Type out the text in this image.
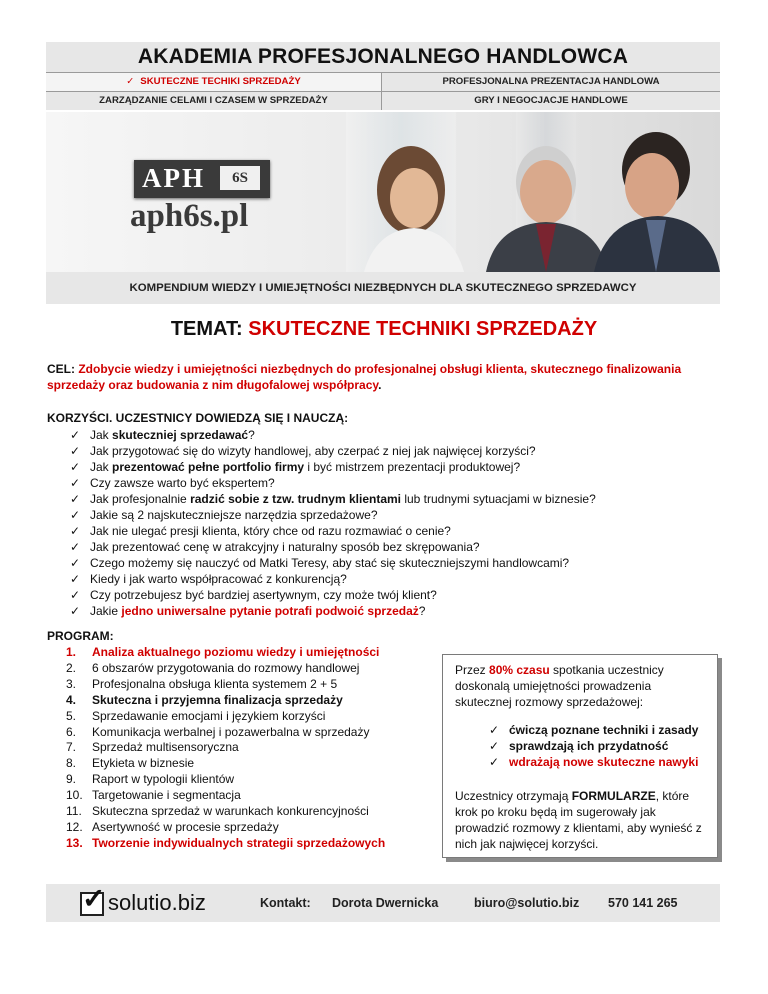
AKADEMIA PROFESJONALNEGO HANDLOWCA
✓ SKUTECZNE TECHIKI SPRZEDAŻY	PROFESJONALNA PREZENTACJA HANDLOWA
ZARZĄDZANIE CELAMI I CZASEM W SPRZEDAŻY	GRY I NEGOCJACJE HANDLOWE
APH	6S
aph6s.pl
KOMPENDIUM WIEDZY I UMIEJĘTNOŚCI NIEZBĘDNYCH DLA SKUTECZNEGO SPRZEDAWCY
TEMAT: SKUTECZNE TECHNIKI SPRZEDAŻY
CEL: Zdobycie wiedzy i umiejętności niezbędnych do profesjonalnej obsługi klienta, skutecznego finalizowania sprzedaży oraz budowania z nim długofalowej współpracy.
KORZYŚCI. UCZESTNICY DOWIEDZĄ SIĘ I NAUCZĄ:
✓ Jak skuteczniej sprzedawać?
✓ Jak przygotować się do wizyty handlowej, aby czerpać z niej jak najwięcej korzyści?
✓ Jak prezentować pełne portfolio firmy i być mistrzem prezentacji produktowej?
✓ Czy zawsze warto być ekspertem?
✓ Jak profesjonalnie radzić sobie z tzw. trudnym klientami lub trudnymi sytuacjami w biznesie?
✓ Jakie są 2 najskuteczniejsze narzędzia sprzedażowe?
✓ Jak nie ulegać presji klienta, który chce od razu rozmawiać o cenie?
✓ Jak prezentować cenę w atrakcyjny i naturalny sposób bez skrępowania?
✓ Czego możemy się nauczyć od Matki Teresy, aby stać się skuteczniejszymi handlowcami?
✓ Kiedy i jak warto współpracować z konkurencją?
✓ Czy potrzebujesz być bardziej asertywnym, czy może twój klient?
✓ Jakie jedno uniwersalne pytanie potrafi podwoić sprzedaż?
PROGRAM:
1. Analiza aktualnego poziomu wiedzy i umiejętności
2. 6 obszarów przygotowania do rozmowy handlowej
3. Profesjonalna obsługa klienta systemem 2 + 5
4. Skuteczna i przyjemna finalizacja sprzedaży
5. Sprzedawanie emocjami i językiem korzyści
6. Komunikacja werbalnej i pozawerbalna w sprzedaży
7. Sprzedaż multisensoryczna
8. Etykieta w biznesie
9. Raport w typologii klientów
10. Targetowanie i segmentacja
11. Skuteczna sprzedaż w warunkach konkurencyjności
12. Asertywność w procesie sprzedaży
13. Tworzenie indywidualnych strategii sprzedażowych
Przez 80% czasu spotkania uczestnicy doskonalą umiejętności prowadzenia skutecznej rozmowy sprzedażowej:
✓ ćwiczą poznane techniki i zasady
✓ sprawdzają ich przydatność
✓ wdrażają nowe skuteczne nawyki
Uczestnicy otrzymają FORMULARZE, które krok po kroku będą im sugerowały jak prowadzić rozmowy z klientami, aby wynieść z nich jak najwięcej korzyści.
✓ solutio.biz	Kontakt: Dorota Dwernicka	biuro@solutio.biz 570 141 265
